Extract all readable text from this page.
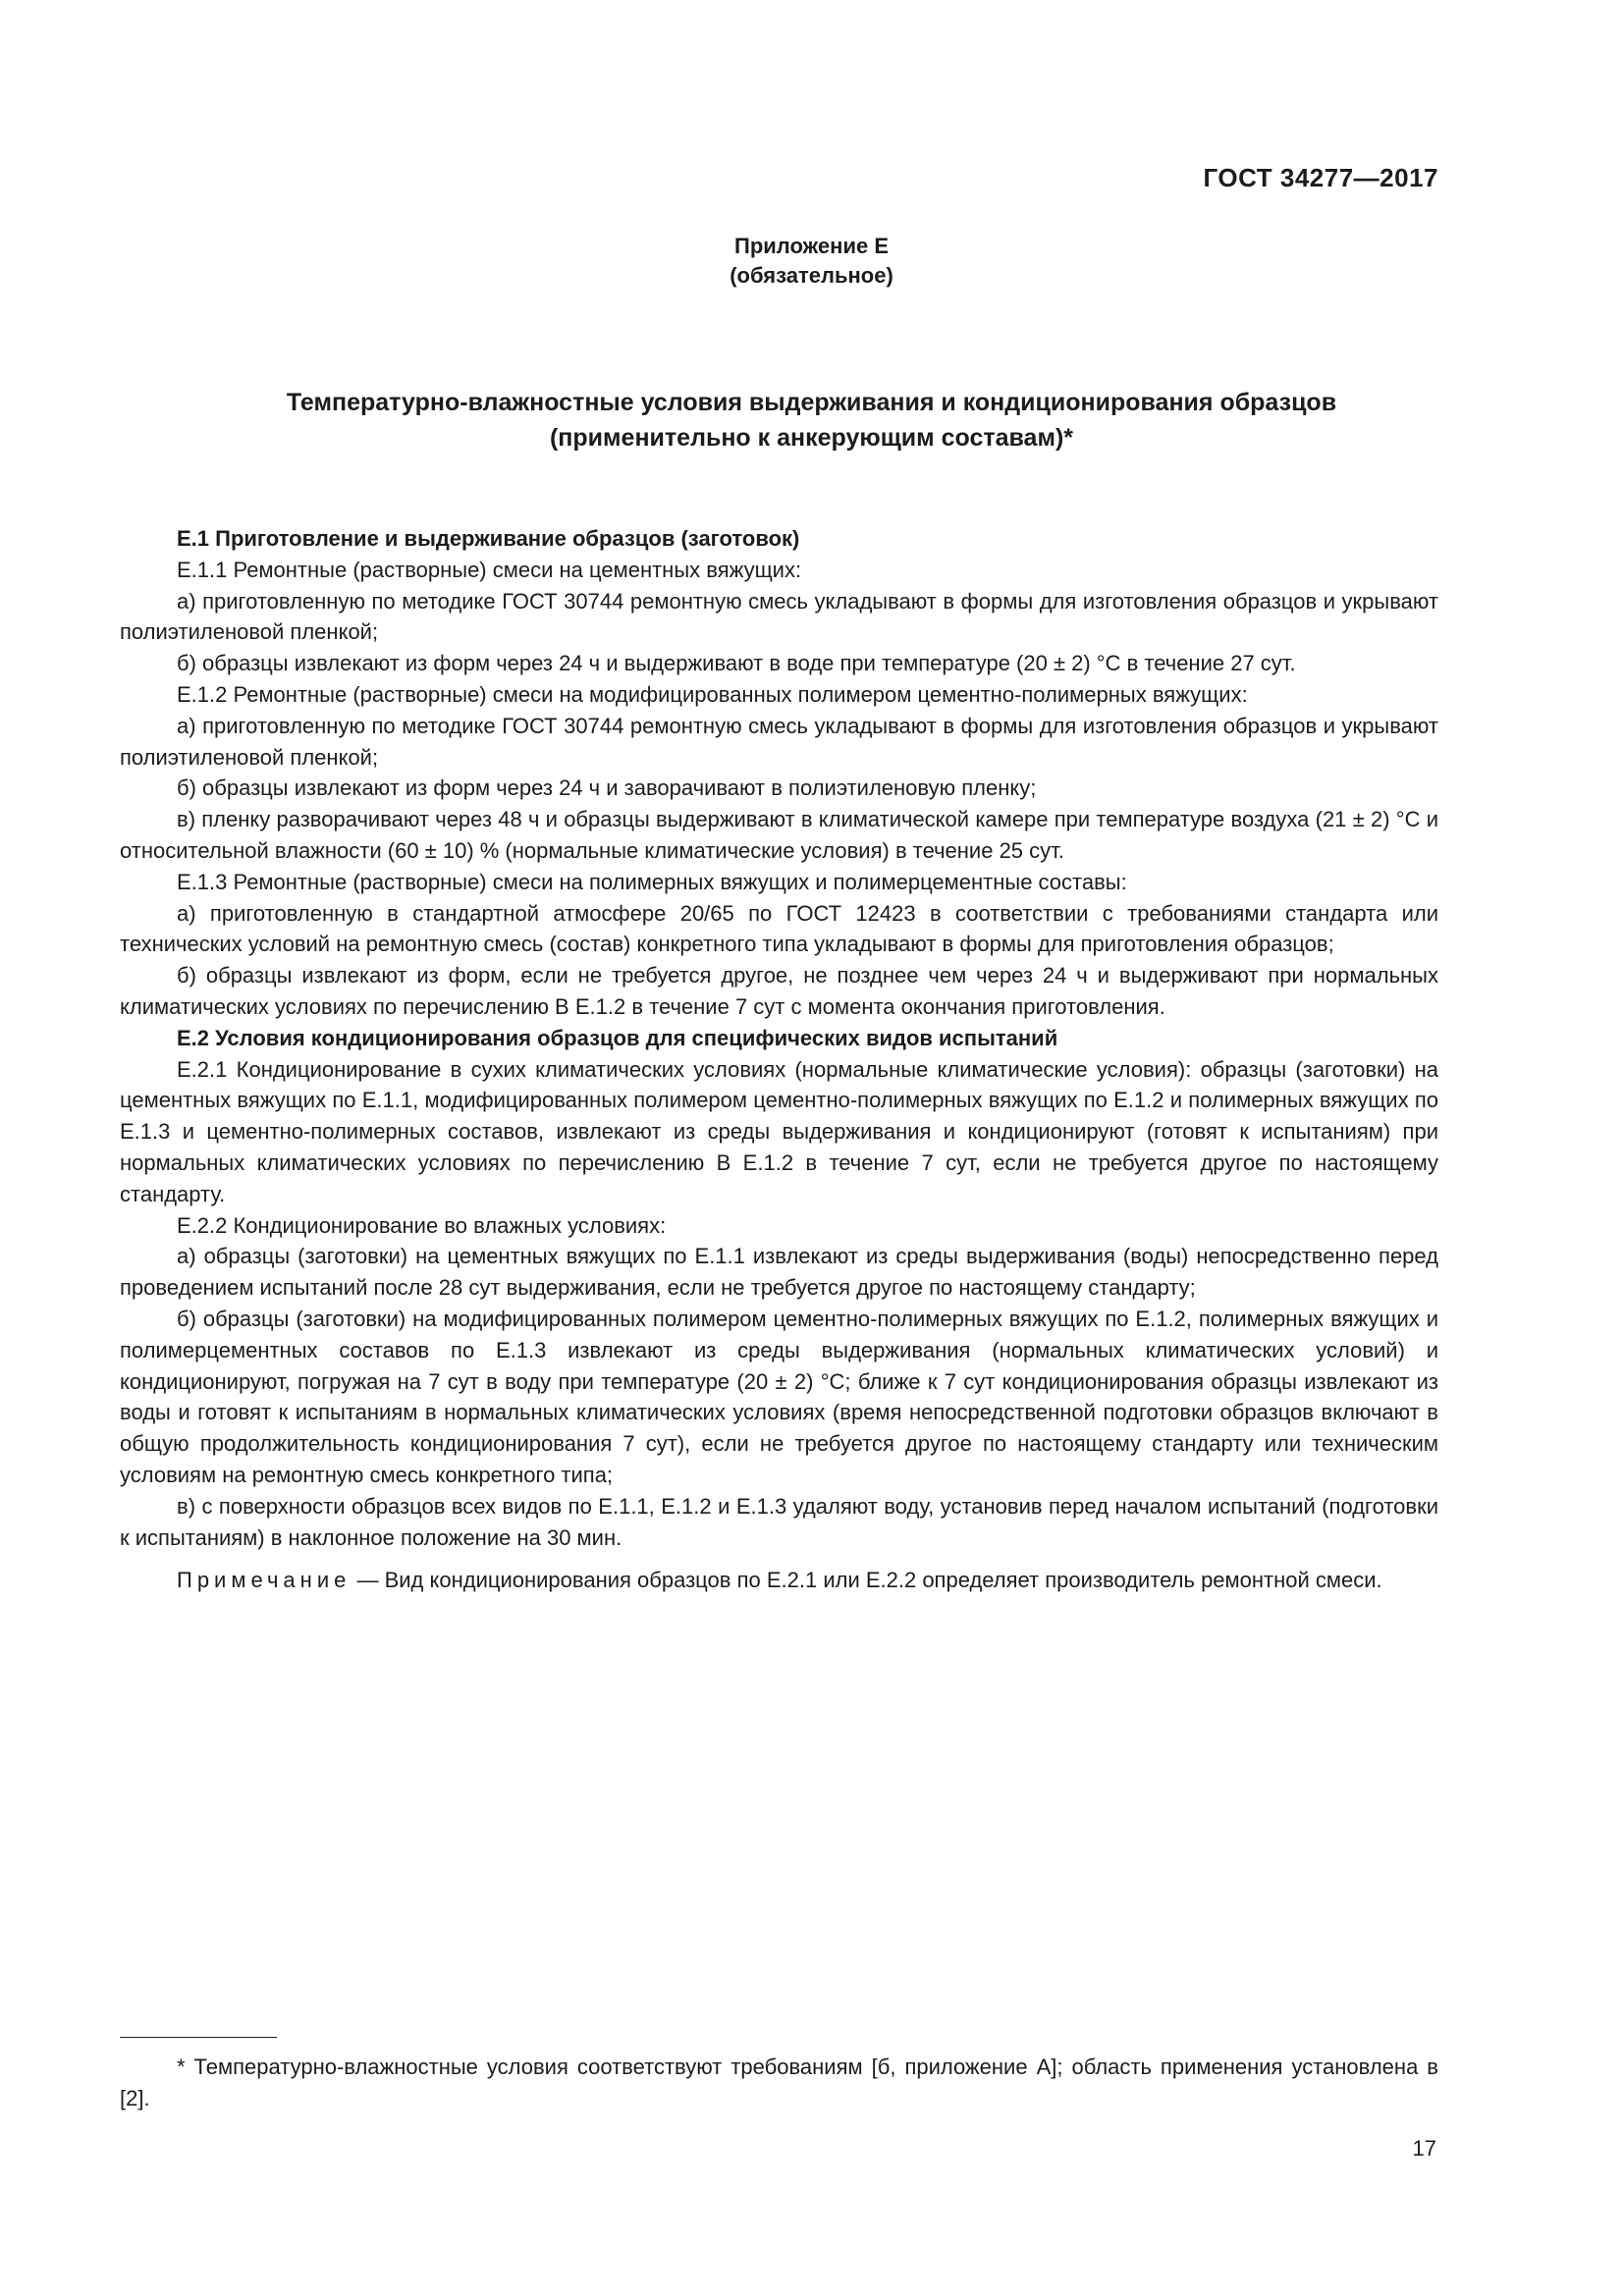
ГОСТ 34277—2017
Приложение Е
(обязательное)
Температурно-влажностные условия выдерживания и кондиционирования образцов
(применительно к анкерующим составам)*

Е.1 Приготовление и выдерживание образцов (заготовок)

Е.1.1 Ремонтные (растворные) смеси на цементных вяжущих:

а) приготовленную по методике ГОСТ 30744 ремонтную смесь укладывают в формы для изготовления образцов и укрывают полиэтиленовой пленкой;

б) образцы извлекают из форм через 24 ч и выдерживают в воде при температуре (20 ± 2) °С в течение 27 сут.

Е.1.2 Ремонтные (растворные) смеси на модифицированных полимером цементно-полимерных вяжущих:

а) приготовленную по методике ГОСТ 30744 ремонтную смесь укладывают в формы для изготовления образцов и укрывают полиэтиленовой пленкой;

б) образцы извлекают из форм через 24 ч и заворачивают в полиэтиленовую пленку;

в) пленку разворачивают через 48 ч и образцы выдерживают в климатической камере при температуре воздуха (21 ± 2) °С и относительной влажности (60 ± 10) % (нормальные климатические условия) в течение 25 сут.

Е.1.3 Ремонтные (растворные) смеси на полимерных вяжущих и полимерцементные составы:

а) приготовленную в стандартной атмосфере 20/65 по ГОСТ 12423 в соответствии с требованиями стандарта или технических условий на ремонтную смесь (состав) конкретного типа укладывают в формы для приготовления образцов;

б) образцы извлекают из форм, если не требуется другое, не позднее чем через 24 ч и выдерживают при нормальных климатических условиях по перечислению В Е.1.2 в течение 7 сут с момента окончания приготовления.

Е.2 Условия кондиционирования образцов для специфических видов испытаний

Е.2.1 Кондиционирование в сухих климатических условиях (нормальные климатические условия): образцы (заготовки) на цементных вяжущих по Е.1.1, модифицированных полимером цементно-полимерных вяжущих по Е.1.2 и полимерных вяжущих по Е.1.3 и цементно-полимерных составов, извлекают из среды выдерживания и кондиционируют (готовят к испытаниям) при нормальных климатических условиях по перечислению В Е.1.2 в течение 7 сут, если не требуется другое по настоящему стандарту.

Е.2.2 Кондиционирование во влажных условиях:

а) образцы (заготовки) на цементных вяжущих по Е.1.1 извлекают из среды выдерживания (воды) непосредственно перед проведением испытаний после 28 сут выдерживания, если не требуется другое по настоящему стандарту;

б) образцы (заготовки) на модифицированных полимером цементно-полимерных вяжущих по Е.1.2, полимерных вяжущих и полимерцементных составов по Е.1.3 извлекают из среды выдерживания (нормальных климатических условий) и кондиционируют, погружая на 7 сут в воду при температуре (20 ± 2) °С; ближе к 7 сут кондиционирования образцы извлекают из воды и готовят к испытаниям в нормальных климатических условиях (время непосредственной подготовки образцов включают в общую продолжительность кондиционирования 7 сут), если не требуется другое по настоящему стандарту или техническим условиям на ремонтную смесь конкретного типа;

в) с поверхности образцов всех видов по Е.1.1, Е.1.2 и Е.1.3 удаляют воду, установив перед началом испытаний (подготовки к испытаниям) в наклонное положение на 30 мин.

Примечание — Вид кондиционирования образцов по Е.2.1 или Е.2.2 определяет производитель ремонтной смеси.

* Температурно-влажностные условия соответствуют требованиям [б, приложение А]; область применения установлена в [2].
17
